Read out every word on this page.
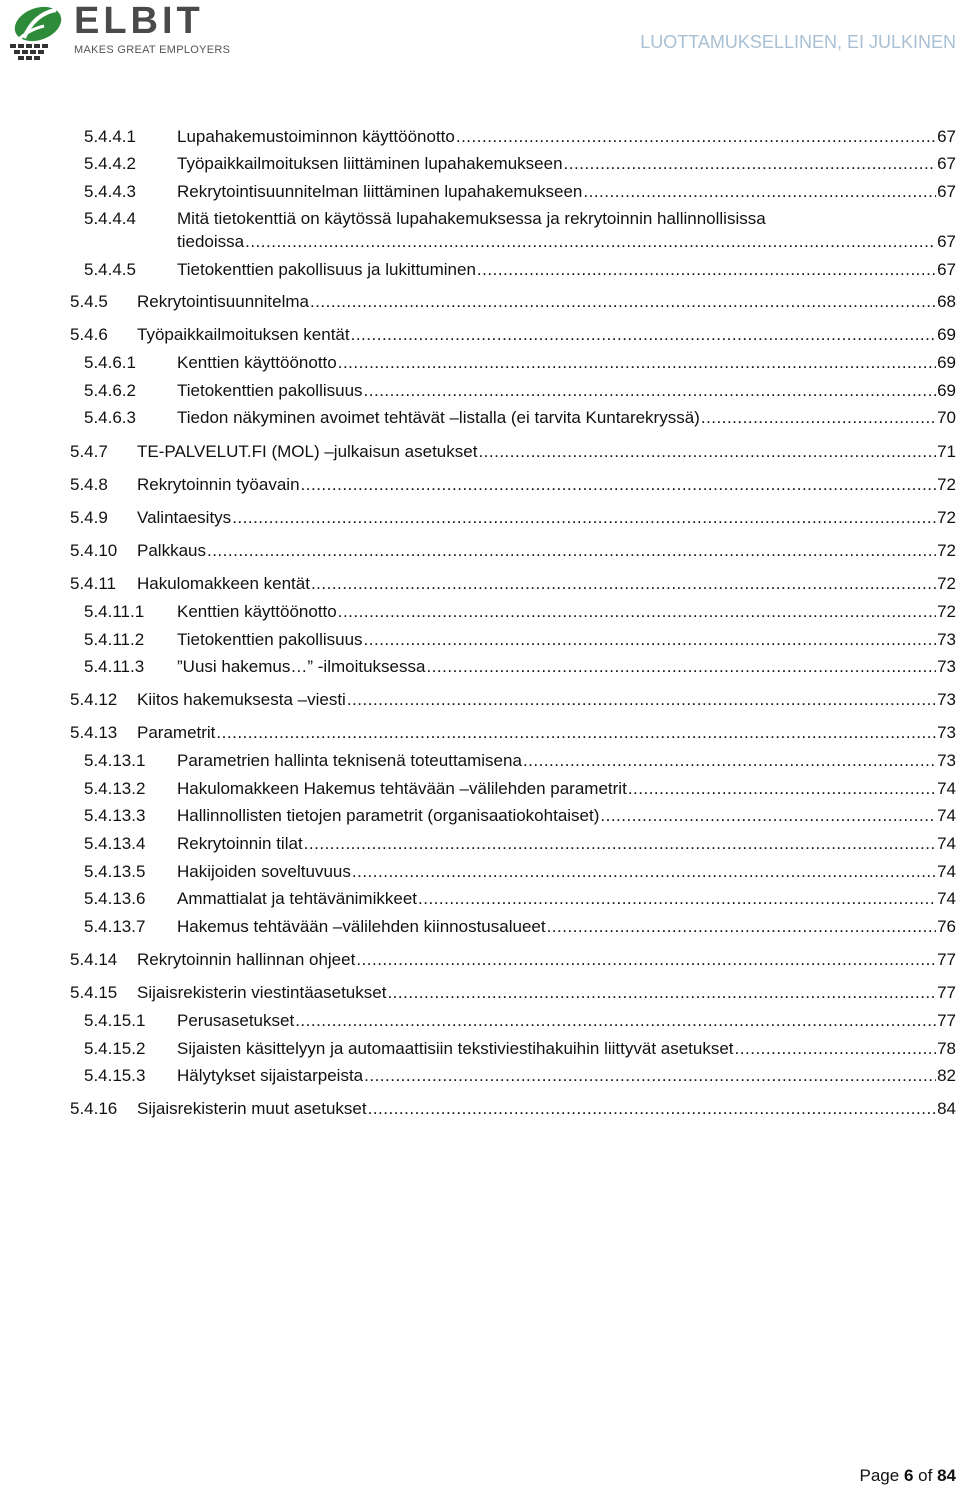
ELBIT
MAKES GREAT EMPLOYERS	LUOTTAMUKSELLINEN, EI JULKINEN
5.4.4.1 Lupahakemustoiminnon käyttöönotto .....	67
5.4.4.2 Työpaikkailmoituksen liittäminen lupahakemukseen .....	67
5.4.4.3 Rekrytointisuunnitelman liittäminen lupahakemukseen .....	67
5.4.4.4 Mitä tietokenttiä on käytössä lupahakemuksessa ja rekrytoinnin hallinnollisissa
tiedoissa .....	67
5.4.4.5 Tietokenttien pakollisuus ja lukittuminen .....	67
5.4.5 Rekrytointisuunnitelma .....	68
5.4.6 Työpaikkailmoituksen kentät .....	69
5.4.6.1 Kenttien käyttöönotto .....	69
5.4.6.2 Tietokenttien pakollisuus .....	69
5.4.6.3 Tiedon näkyminen avoimet tehtävät –listalla (ei tarvita Kuntarekryssä) .....	70
5.4.7 TE-PALVELUT.FI (MOL) –julkaisun asetukset .....	71
5.4.8 Rekrytoinnin työavain .....	72
5.4.9 Valintaesitys .....	72
5.4.10 Palkkaus .....	72
5.4.11 Hakulomakkeen kentät .....	72
5.4.11.1 Kenttien käyttöönotto .....	72
5.4.11.2 Tietokenttien pakollisuus .....	73
5.4.11.3 ”Uusi hakemus…” -ilmoituksessa .....	73
5.4.12 Kiitos hakemuksesta –viesti .....	73
5.4.13 Parametrit .....	73
5.4.13.1 Parametrien hallinta teknisenä toteuttamisena .....	73
5.4.13.2 Hakulomakkeen Hakemus tehtävään –välilehden parametrit .....	74
5.4.13.3 Hallinnollisten tietojen parametrit (organisaatiokohtaiset) .....	74
5.4.13.4 Rekrytoinnin tilat .....	74
5.4.13.5 Hakijoiden soveltuvuus .....	74
5.4.13.6 Ammattialat ja tehtävänimikkeet .....	74
5.4.13.7 Hakemus tehtävään –välilehden kiinnostusalueet .....	76
5.4.14 Rekrytoinnin hallinnan ohjeet .....	77
5.4.15 Sijaisrekisterin viestintäasetukset .....	77
5.4.15.1 Perusasetukset .....	77
5.4.15.2 Sijaisten käsittelyyn ja automaattisiin tekstiviestihakuihin liittyvät asetukset .....	78
5.4.15.3 Hälytykset sijaistarpeista .....	82
5.4.16 Sijaisrekisterin muut asetukset .....	84
Page 6 of 84
